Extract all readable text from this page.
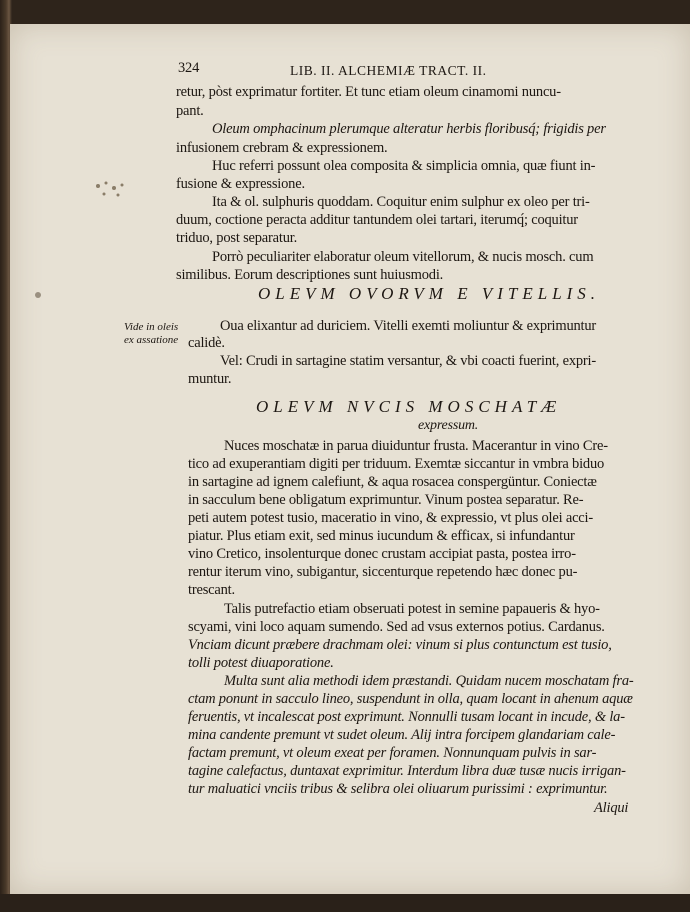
324	LIB. II. ALCHEMIÆ TRACT. II.
retur, pòst exprimatur fortiter. Et tunc etiam oleum cinamomi nuncu-
pant.
Oleum omphacinum plerumque alteratur herbis floribusq́; frigidis per
infusionem crebram & expressionem.
Huc referri possunt olea composita & simplicia omnia, quæ fiunt in-
fusione & expressione.
Ita & ol. sulphuris quoddam. Coquitur enim sulphur ex oleo per tri-
duum, coctione peracta additur tantundem olei tartari, iterumq́; coquitur
triduo, post separatur.
Porrò peculiariter elaboratur oleum vitellorum, & nucis mosch. cum
similibus. Eorum descriptiones sunt huiusmodi.
OLEVM OVORVM E VITELLIS.
Vide in oleis
ex assatione
Oua elixantur ad duriciem. Vitelli exemti moliuntur & exprimuntur
calidè.
Vel: Crudi in sartagine statim versantur, & vbi coacti fuerint, expri-
muntur.
OLEVM NVCIS MOSCHATÆ
expressum.
Nuces moschatæ in parua diuiduntur frusta. Macerantur in vino Cre-
tico ad exuperantiam digiti per triduum. Exemtæ siccantur in vmbra biduo
in sartagine ad ignem calefiunt, & aqua rosacea conspergüntur. Coniectæ
in sacculum bene obligatum exprimuntur. Vinum postea separatur. Re-
peti autem potest tusio, maceratio in vino, & expressio, vt plus olei acci-
piatur. Plus etiam exit, sed minus iucundum & efficax, si infundantur
vino Cretico, insolenturque donec crustam accipiat pasta, postea irro-
rentur iterum vino, subigantur, siccenturque repetendo hæc donec pu-
trescant.
Talis putrefactio etiam obseruati potest in semine papaueris & hyo-
scyami, vini loco aquam sumendo. Sed ad vsus externos potius. Cardanus.
Vnciam dicunt præbere drachmam olei: vinum si plus contunctum est tusio,
tolli potest diuaporatione.
Multa sunt alia methodi idem præstandi. Quidam nucem moschatam fra-
ctam ponunt in sacculo lineo, suspendunt in olla, quam locant in ahenum aquæ
feruentis, vt incalescat post exprimunt. Nonnulli tusam locant in incude, & la-
mina candente premunt vt sudet oleum. Alij intra forcipem glandariam cale-
factam premunt, vt oleum exeat per foramen. Nonnunquam pulvis in sar-
tagine calefactus, duntaxat exprimitur. Interdum libra duæ tusæ nucis irrigan-
tur maluatici vnciis tribus & selibra olei oliuarum purissimi : exprimuntur.
Aliqui
